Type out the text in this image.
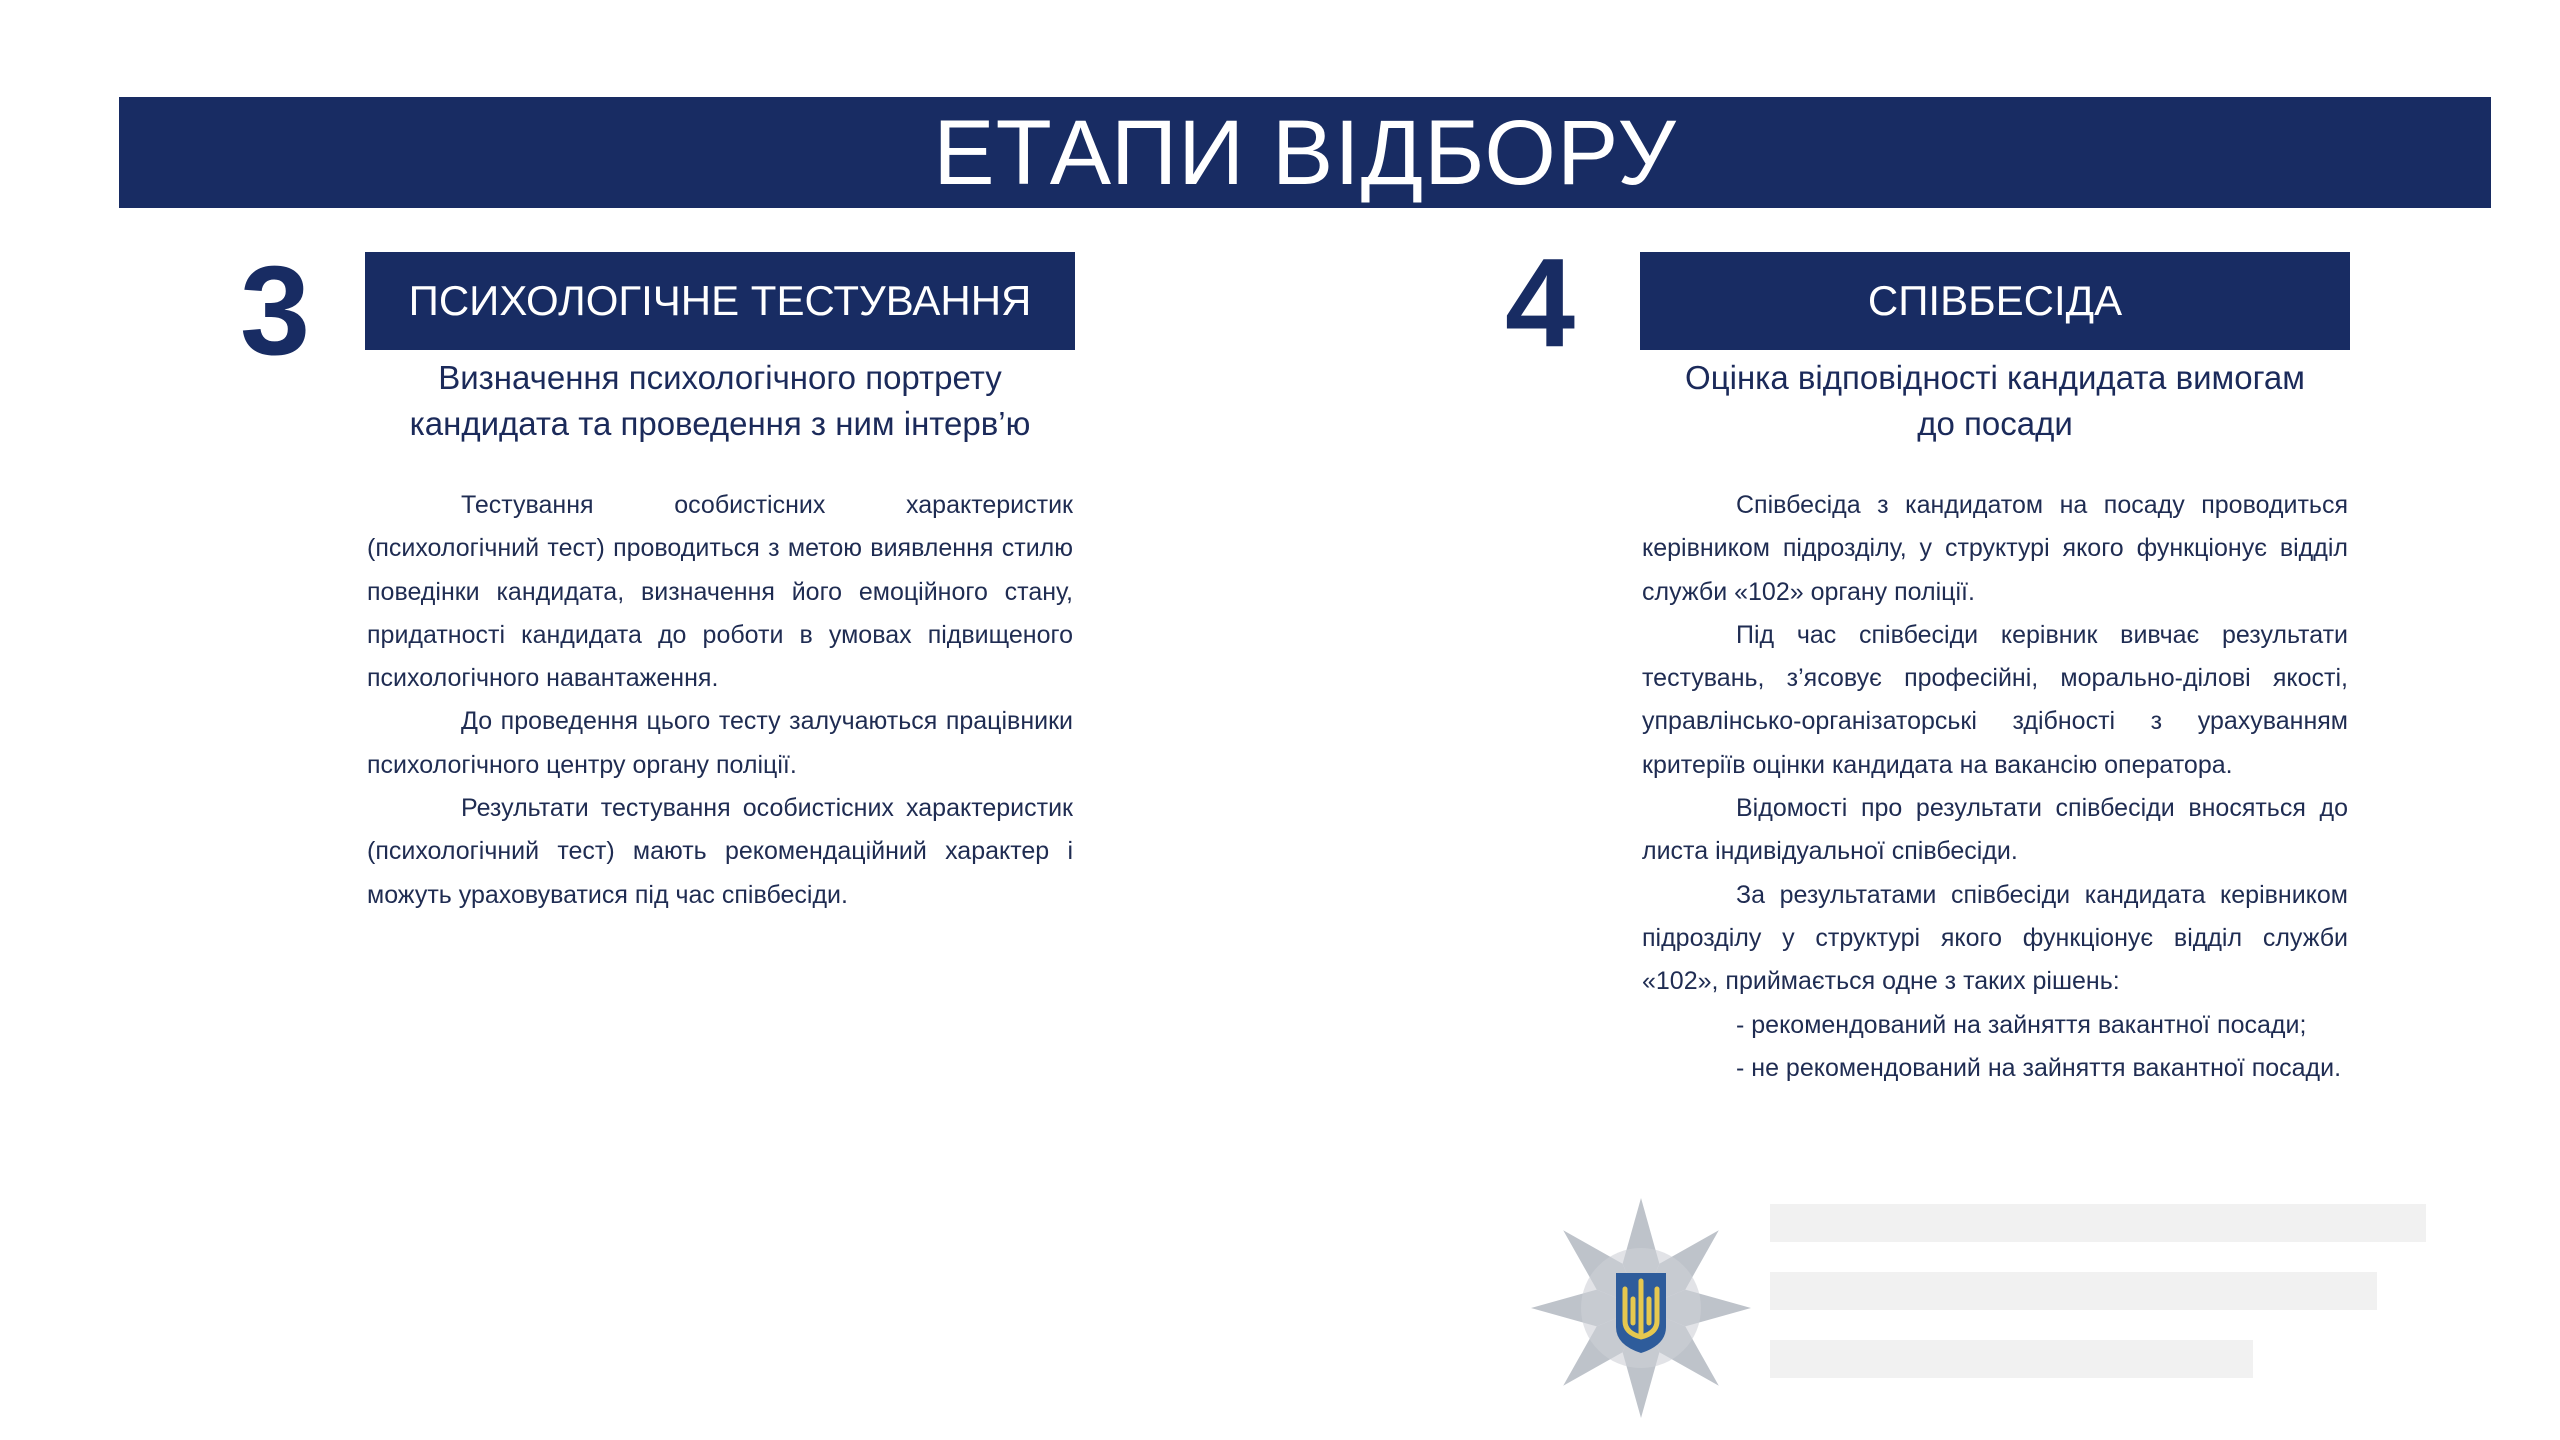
ЕТАПИ ВІДБОРУ
3 ПСИХОЛОГІЧНЕ ТЕСТУВАННЯ
Визначення психологічного портрету
кандидата та проведення з ним інтерв’ю

Тестування особистісних характеристик (психологічний тест) проводиться з метою виявлення стилю поведінки кандидата, визначення його емоційного стану, придатності кандидата до роботи в умовах підвищеного психологічного навантаження.

До проведення цього тесту залучаються працівники психологічного центру органу поліції.

Результати тестування особистісних характеристик (психологічний тест) мають рекомендаційний характер і можуть ураховуватися під час співбесіди.

4	СПІВБЕСІДА
Оцінка відповідності кандидата вимогам
до посади

Співбесіда з кандидатом на посаду проводиться керівником підрозділу, у структурі якого функціонує відділ служби «102» органу поліції.

Під час співбесіди керівник вивчає результати тестувань, з’ясовує професійні, морально-ділові якості, управлінсько-організаторські здібності з урахуванням критеріїв оцінки кандидата на вакансію оператора.

Відомості про результати співбесіди вносяться до листа індивідуальної співбесіди.

За результатами співбесіди кандидата керівником підрозділу у структурі якого функціонує відділ служби «102», приймається одне з таких рішень:

- рекомендований на зайняття вакантної посади;

- не рекомендований на зайняття вакантної посади.
